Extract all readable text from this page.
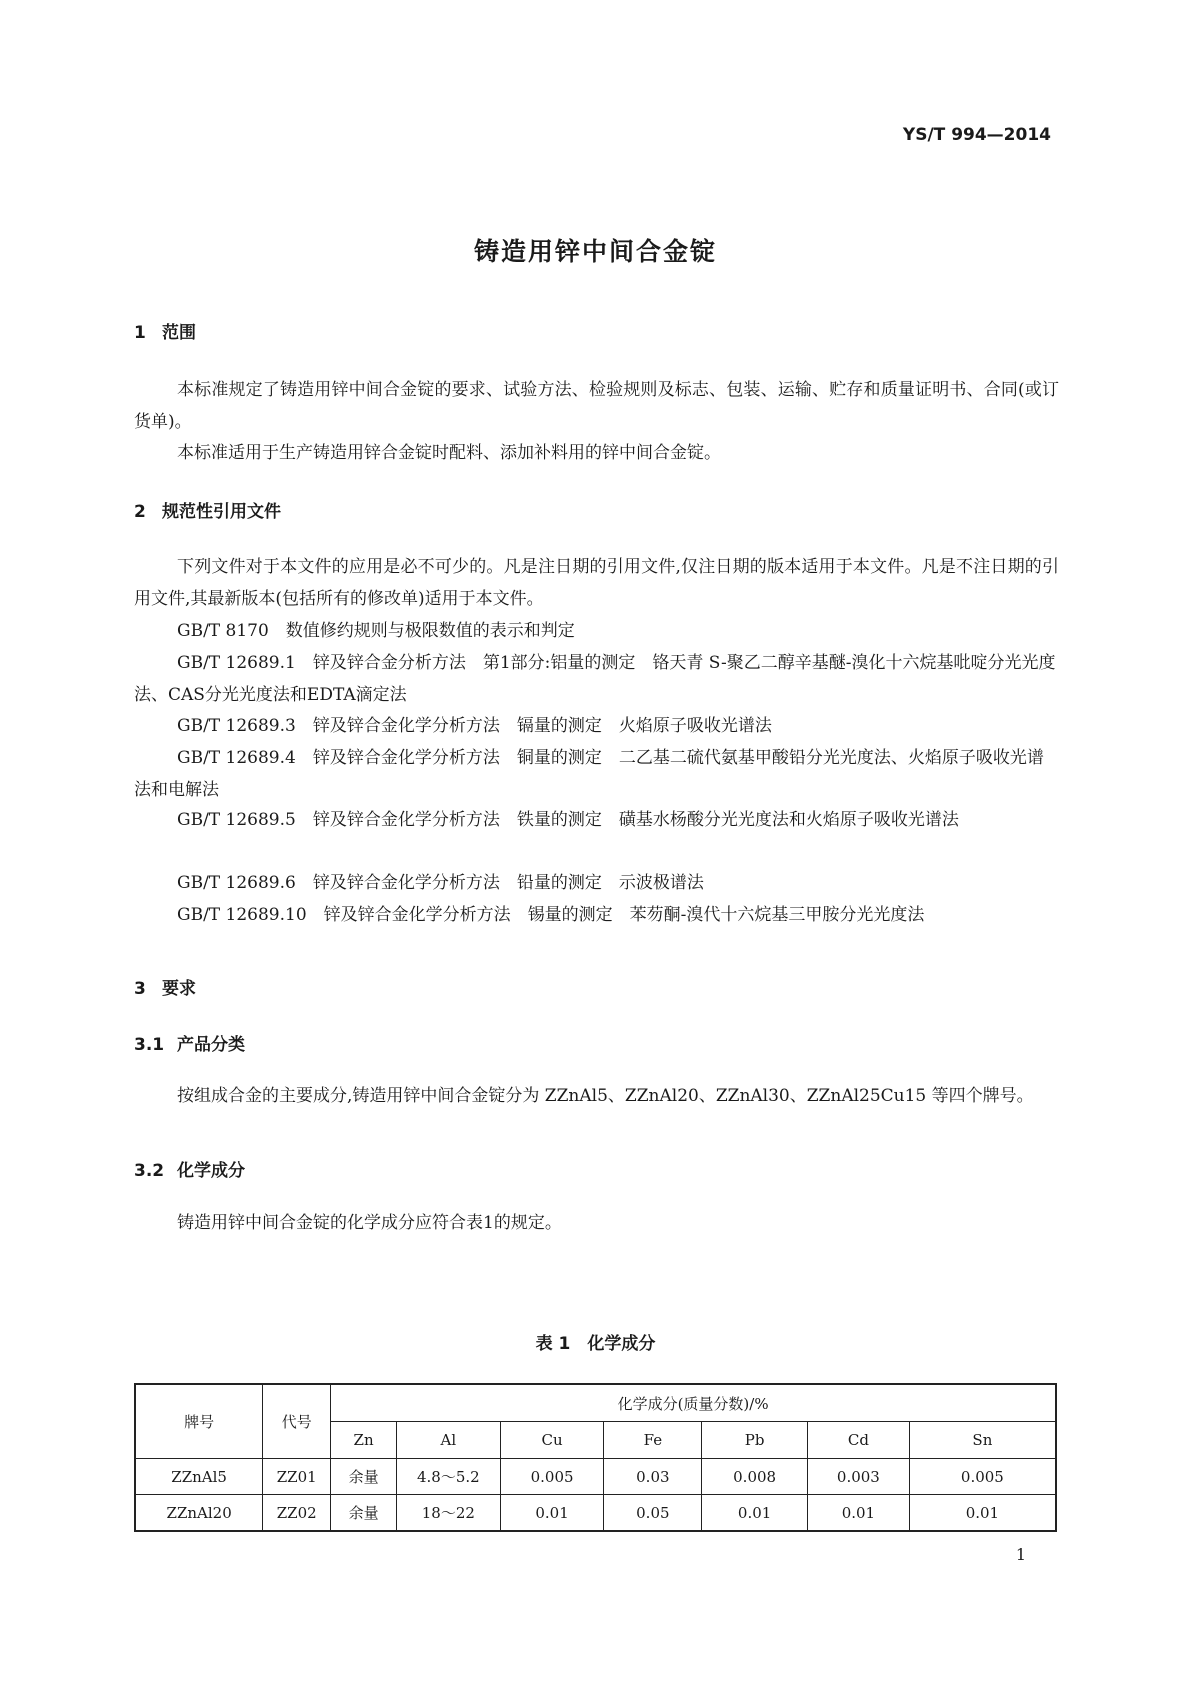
YS/T 994—2014
铸造用锌中间合金锭
1 范围
本标准规定了铸造用锌中间合金锭的要求、试验方法、检验规则及标志、包装、运输、贮存和质量证明书、合同(或订货单)。
本标准适用于生产铸造用锌合金锭时配料、添加补料用的锌中间合金锭。
2 规范性引用文件
下列文件对于本文件的应用是必不可少的。凡是注日期的引用文件,仅注日期的版本适用于本文件。凡是不注日期的引用文件,其最新版本(包括所有的修改单)适用于本文件。
GB/T 8170　数值修约规则与极限数值的表示和判定
GB/T 12689.1　锌及锌合金分析方法　第1部分:铝量的测定　铬天青 S-聚乙二醇辛基醚-溴化十六烷基吡啶分光光度法、CAS分光光度法和EDTA滴定法
GB/T 12689.3　锌及锌合金化学分析方法　镉量的测定　火焰原子吸收光谱法
GB/T 12689.4　锌及锌合金化学分析方法　铜量的测定　二乙基二硫代氨基甲酸铅分光光度法、火焰原子吸收光谱法和电解法
GB/T 12689.5　锌及锌合金化学分析方法　铁量的测定　磺基水杨酸分光光度法和火焰原子吸收光谱法
GB/T 12689.6　锌及锌合金化学分析方法　铅量的测定　示波极谱法
GB/T 12689.10　锌及锌合金化学分析方法　锡量的测定　苯芴酮-溴代十六烷基三甲胺分光光度法
3 要求
3.1 产品分类
按组成合金的主要成分,铸造用锌中间合金锭分为 ZZnAl5、ZZnAl20、ZZnAl30、ZZnAl25Cu15 等四个牌号。
3.2 化学成分
铸造用锌中间合金锭的化学成分应符合表1的规定。
表 1　化学成分
牌号	代号	化学成分(质量分数)/%						
		Zn	Al	Cu	Fe	Pb	Cd	Sn
ZZnAl5	ZZ01	余量	4.8～5.2	0.005	0.03	0.008	0.003	0.005
ZZnAl20	ZZ02	余量	18～22	0.01	0.05	0.01	0.01	0.01
1
